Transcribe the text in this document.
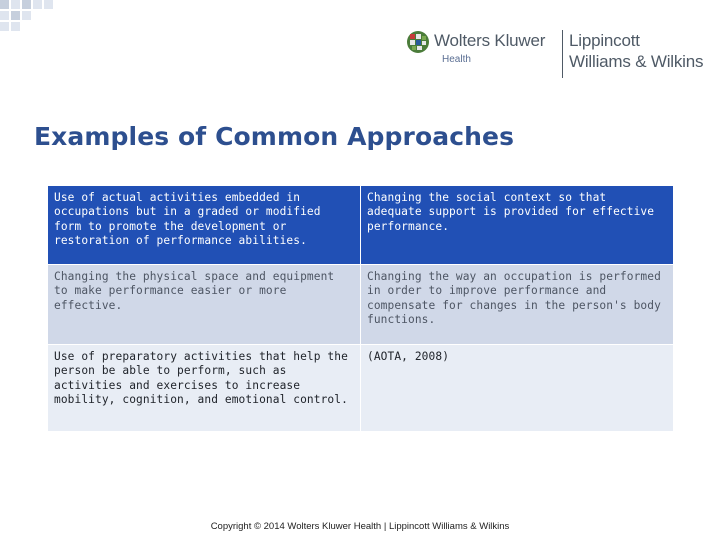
Wolters Kluwer
Health
Lippincott
Williams & Wilkins
Examples of Common Approaches
Use of actual activities embedded in occupations but in a graded or modified form to promote the development or restoration of performance abilities.	Changing the social context so that adequate support is provided for effective performance.
Changing the physical space and equipment to make performance easier or more effective.	Changing the way an occupation is performed in order to improve performance and compensate for changes in the person's body functions.
Use of preparatory activities that help the person be able to perform, such as activities and exercises to increase mobility, cognition, and emotional control.	(AOTA, 2008)
Copyright © 2014 Wolters Kluwer Health | Lippincott Williams & Wilkins
